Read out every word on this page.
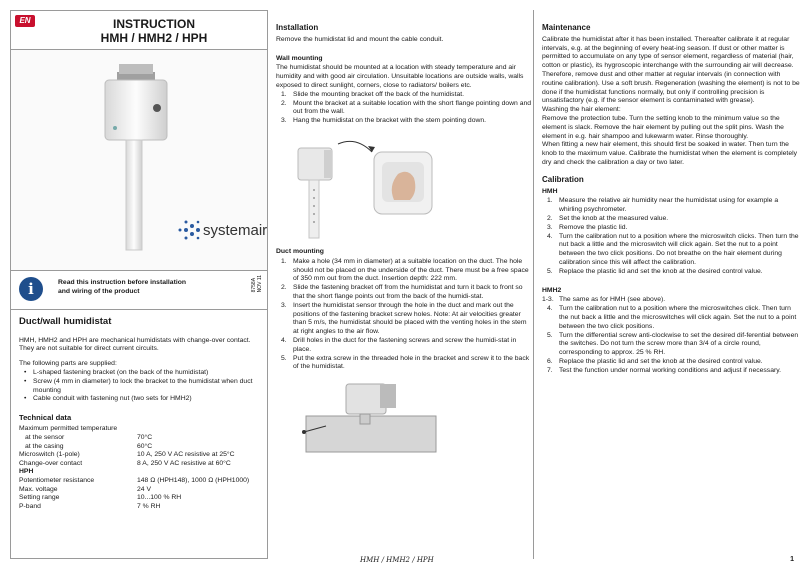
EN	INSTRUCTION
HMH / HMH2 / HPH
systemair
i	Read this instruction before installation
and wiring of the product	8758A
NOV 11
Duct/wall humidistat

HMH, HMH2 and HPH are mechanical humidistats with change-over contact. They are not suitable for direct current circuits.

The following parts are supplied:

• L-shaped fastening bracket (on the back of the humidistat)
• Screw (4 mm in diameter) to lock the bracket to the humidistat when duct mounting
• Cable conduit with fastening nut (two sets for HMH2)
Technical data
Maximum permitted temperature
at the sensor	70°C
at the casing	60°C
Microswitch (1-pole)	10 A, 250 V AC resistive at 25°C
Change-over contact	8 A, 250 V AC resistive at 60°C
HPH	
Potentiometer resistance	148 Ω (HPH148), 1000 Ω (HPH1000)
Max. voltage	24 V
Setting range	10...100 % RH
P-band	7 % RH
Installation

Remove the humidistat lid and mount the cable conduit.

Wall mounting

The humidistat should be mounted at a location with steady temperature and air humidity and with good air circulation. Unsuitable locations are outside walls, walls exposed to direct sunlight, corners, close to radiators/ boilers etc.

1. Slide the mounting bracket off the back of the humidistat.
2. Mount the bracket at a suitable location with the short flange pointing down and out from the wall.
3. Hang the humidistat on the bracket with the stem pointing down.
Duct mounting
1. Make a hole (34 mm in diameter) at a suitable location on the duct. The hole should not be placed on the underside of the duct. There must be a free space of 350 mm out from the duct. Insertion depth: 222 mm.
2. Slide the fastening bracket off from the humidistat and turn it back to front so that the short flange points out from the back of the humidi-stat.
3. Insert the humidistat sensor through the hole in the duct and mark out the positions of the fastening bracket screw holes. Note: At air velocities greater than 5 m/s, the humidistat should be placed with the venting holes in the stem at right angles to the air flow.
4. Drill holes in the duct for the fastening screws and screw the humidi-stat in place.
5. Put the extra screw in the threaded hole in the bracket and screw it to the back of the humidistat.
HMH / HMH2 / HPH
Maintenance

Calibrate the humidistat after it has been installed. Thereafter calibrate it at regular intervals, e.g. at the beginning of every heat-ing season. If dust or other matter is permitted to accumulate on any type of sensor element, regardless of material (hair, cotton or plastic), its hygroscopic interchange with the surrounding air will decrease. Therefore, remove dust and other matter at regular intervals (in connection with routine calibration). Use a soft brush. Regeneration (washing the element) is not to be done if the humidistat functions normally, but only if controlling precision is unsatisfactory (e.g. if the sensor element is contaminated with grease).

Washing the hair element:
Remove the protection tube. Turn the setting knob to the minimum value so the element is slack. Remove the hair element by pulling out the split pins. Wash the element in e.g. hair shampoo and lukewarm water. Rinse thoroughly.

When fitting a new hair element, this should first be soaked in water. Then turn the knob to the maximum value. Calibrate the humidistat when the element is completely dry and check the calibration a day or two later.

Calibration
HMH
1. Measure the relative air humidity near the humidistat using for example a whirling psychrometer.
2. Set the knob at the measured value.
3. Remove the plastic lid.
4. Turn the calibration nut to a position where the microswitch clicks. Then turn the nut back a little and the microswitch will click again. Set the nut to a point between the two click positions. Do not breathe on the hair element during calibration since this will affect the calibration.
5. Replace the plastic lid and set the knob at the desired control value.
HMH2
1-3. The same as for HMH (see above).
4. Turn the calibration nut to a position where the microswitches click. Then turn the nut back a little and the microswitches will click again. Set the nut to a point between the two click positions.
5. Turn the differential screw anti-clockwise to set the desired dif-ferential between the switches. Do not turn the screw more than 3/4 of a circle round, corresponding to approx. 25 % RH.
6. Replace the plastic lid and set the knob at the desired control value.
7. Test the function under normal working conditions and adjust if necessary.
1
